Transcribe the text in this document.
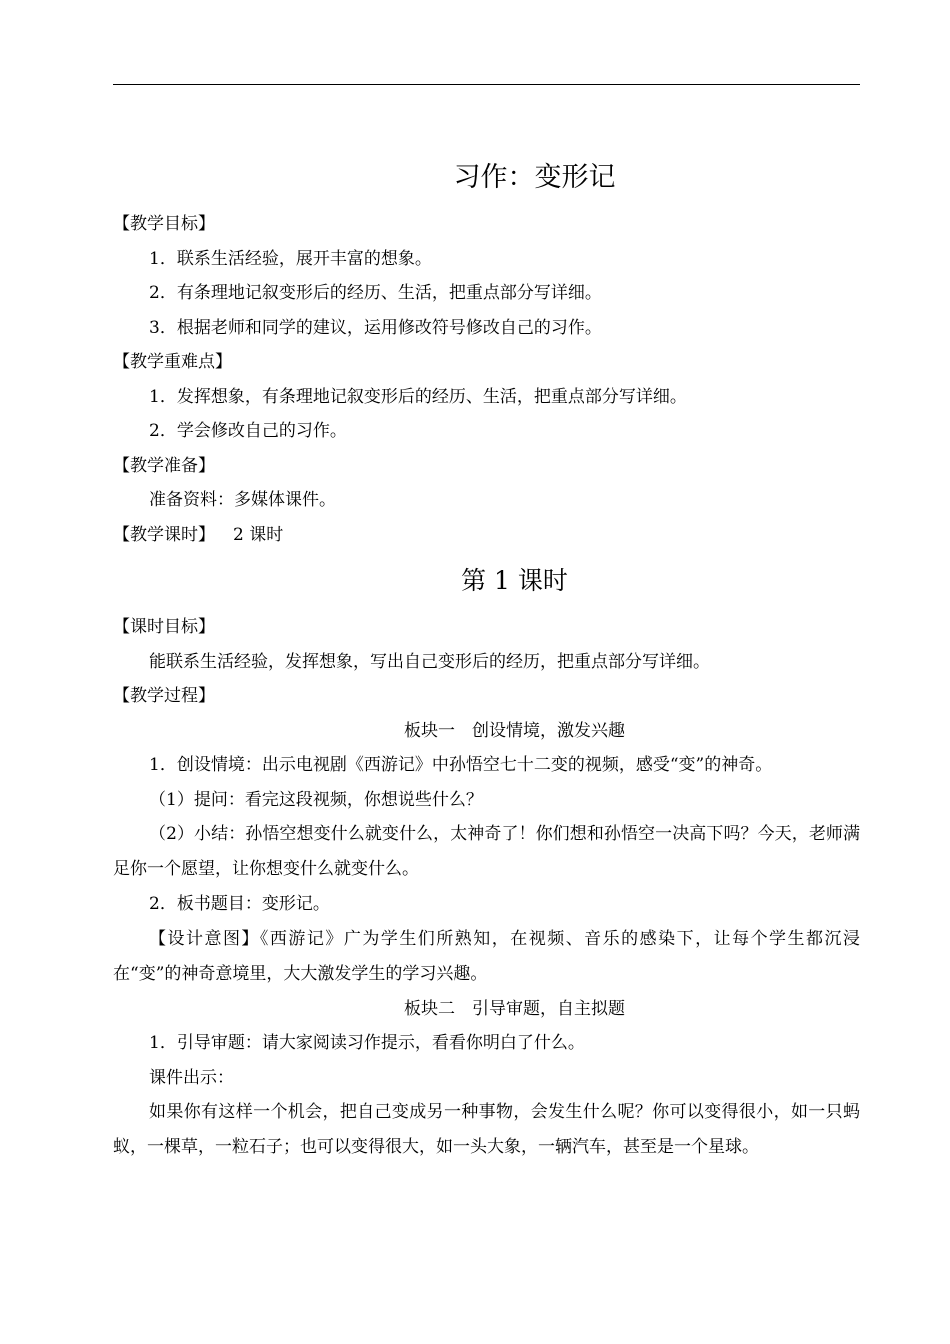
习作：变形记
【教学目标】
1．联系生活经验，展开丰富的想象。
2．有条理地记叙变形后的经历、生活，把重点部分写详细。
3．根据老师和同学的建议，运用修改符号修改自己的习作。
【教学重难点】
1．发挥想象，有条理地记叙变形后的经历、生活，把重点部分写详细。
2．学会修改自己的习作。
【教学准备】
准备资料：多媒体课件。
【教学课时】 2 课时
第 1 课时
【课时目标】
能联系生活经验，发挥想象，写出自己变形后的经历，把重点部分写详细。
【教学过程】
板块一　创设情境，激发兴趣
1．创设情境：出示电视剧《西游记》中孙悟空七十二变的视频，感受“变”的神奇。
（1）提问：看完这段视频，你想说些什么？
（2）小结：孙悟空想变什么就变什么，太神奇了！你们想和孙悟空一决高下吗？今天，老师满足你一个愿望，让你想变什么就变什么。
2．板书题目：变形记。
【设计意图】《西游记》广为学生们所熟知，在视频、音乐的感染下，让每个学生都沉浸在“变”的神奇意境里，大大激发学生的学习兴趣。
板块二　引导审题，自主拟题
1．引导审题：请大家阅读习作提示，看看你明白了什么。
课件出示：
如果你有这样一个机会，把自己变成另一种事物，会发生什么呢？你可以变得很小，如一只蚂蚁，一棵草，一粒石子；也可以变得很大，如一头大象，一辆汽车，甚至是一个星球。
